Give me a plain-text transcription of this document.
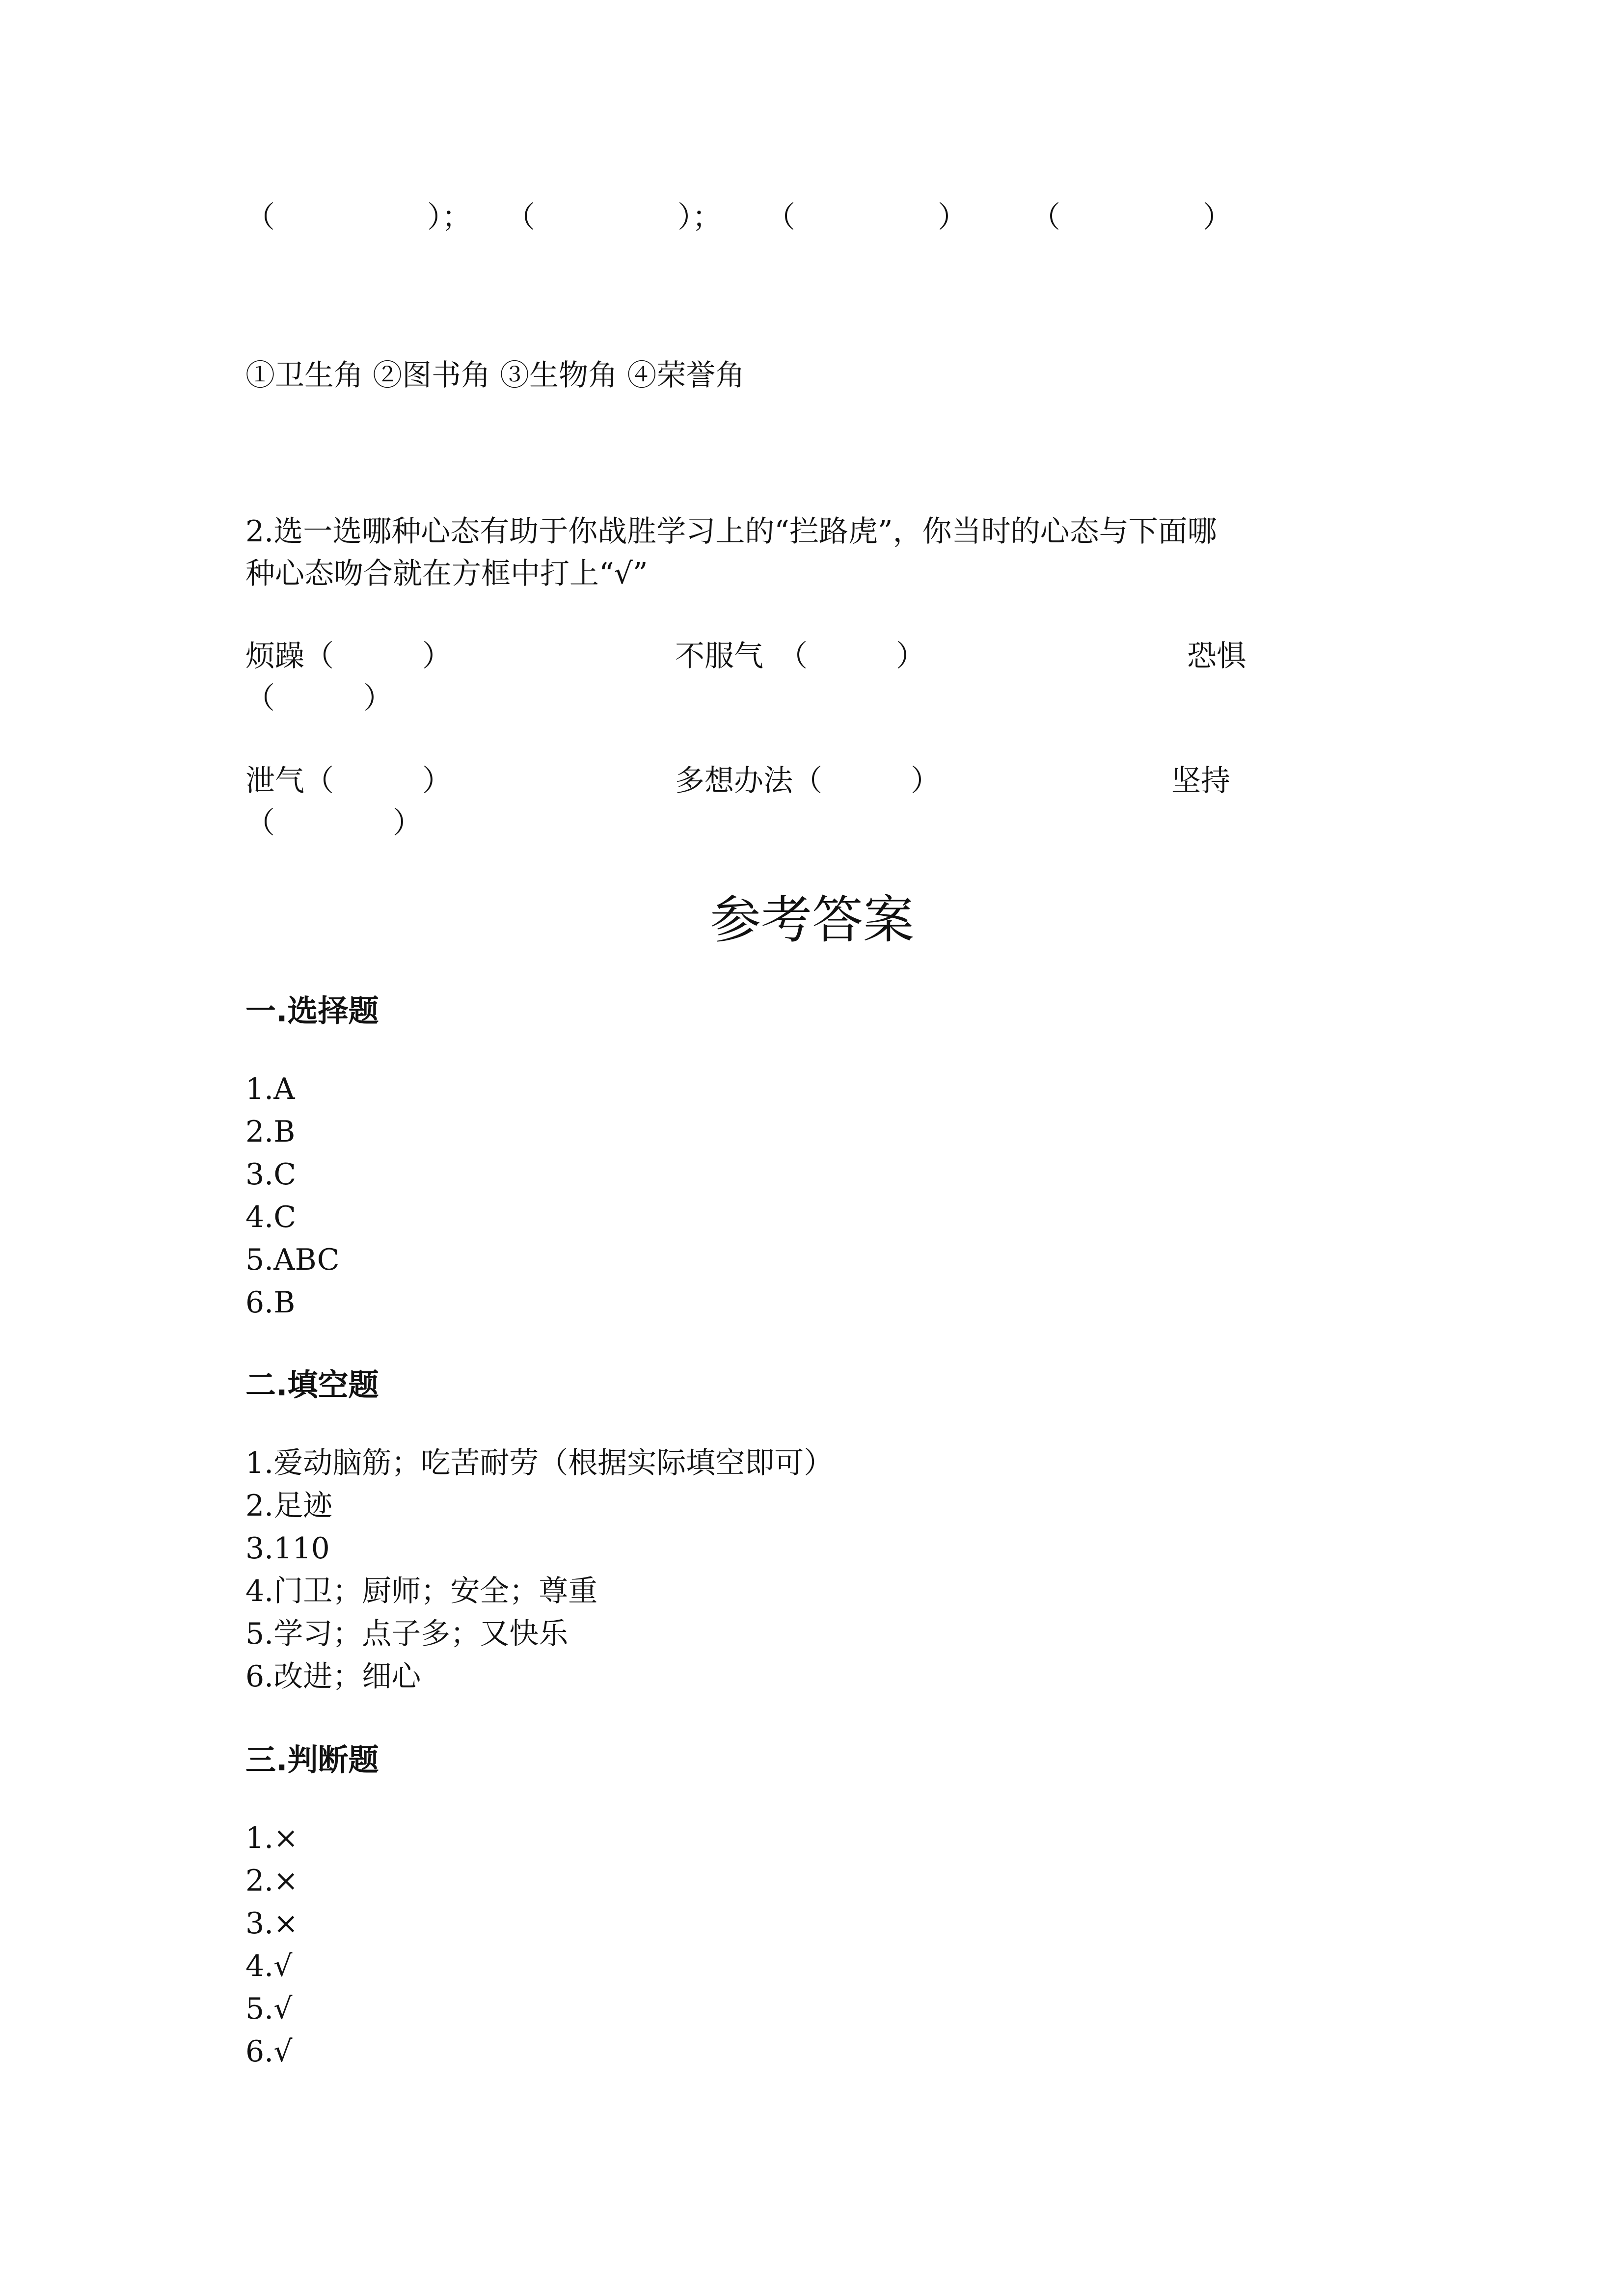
（	）； （	）； （	） （	）
①卫生角 ②图书角 ③生物角 ④荣誉角
2.选一选哪种心态有助于你战胜学习上的“拦路虎”，你当时的心态与下面哪
种心态吻合就在方框中打上“√”
烦躁（　　　）	不服气　（　　　）	恐惧
（　　　）
泄气（　　　）	多想办法（　　　）	坚持
（　　　　）
参考答案
一.选择题
1.A
2.B
3.C
4.C
5.ABC
6.B
二.填空题
1.爱动脑筋；吃苦耐劳（根据实际填空即可）
2.足迹
3.110
4.门卫；厨师；安全；尊重
5.学习；点子多；又快乐
6.改进；细心
三.判断题
1.×
2.×
3.×
4.√
5.√
6.√
